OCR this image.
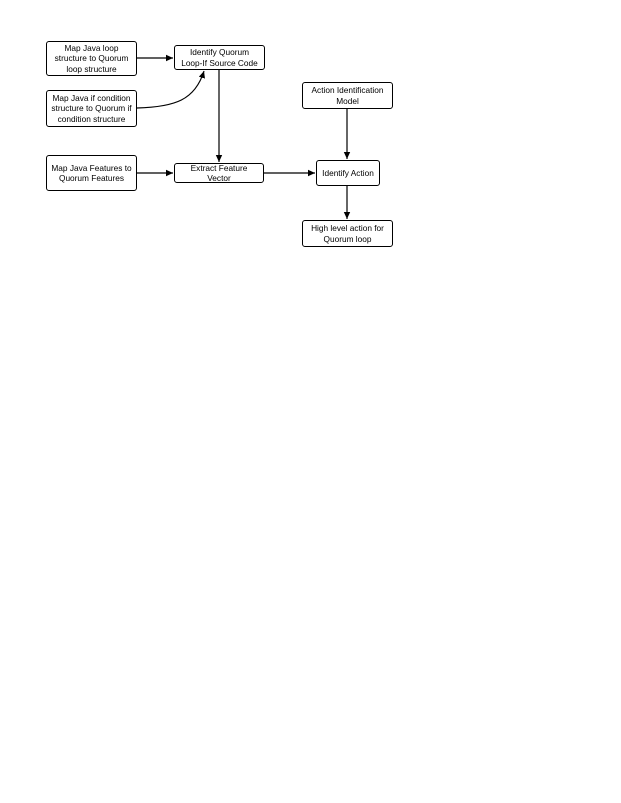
Map Java loop
structure to Quorum
loop structure
Identify Quorum
Loop-If Source Code
Map Java if condition
structure to Quorum if
condition structure
Action Identification
Model
Map Java Features to
Quorum Features
Extract Feature Vector
Identify Action
High level action for
Quorum loop
